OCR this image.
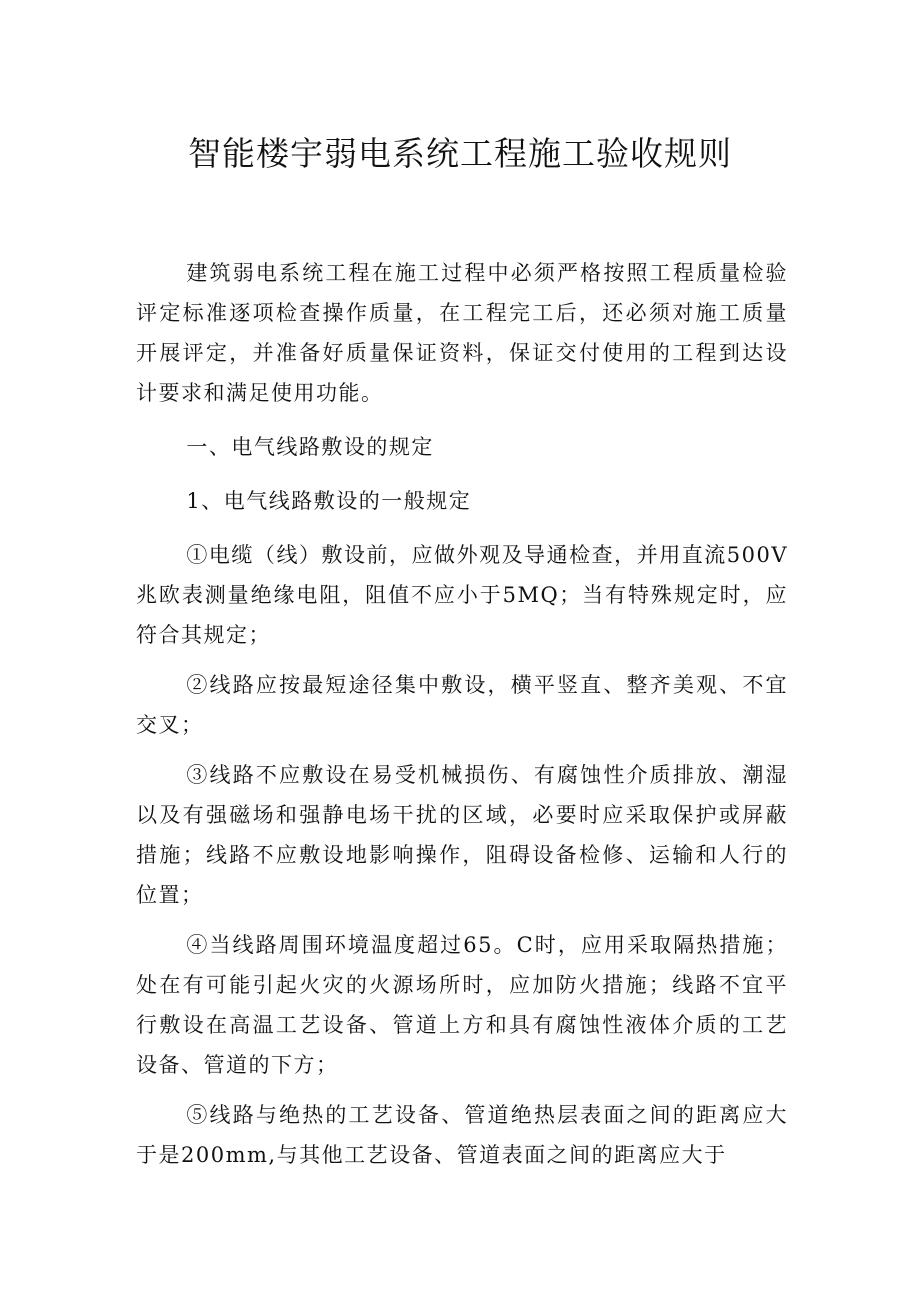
智能楼宇弱电系统工程施工验收规则

建筑弱电系统工程在施工过程中必须严格按照工程质量检验评定标准逐项检查操作质量，在工程完工后，还必须对施工质量开展评定，并准备好质量保证资料，保证交付使用的工程到达设计要求和满足使用功能。

一、电气线路敷设的规定

1、电气线路敷设的一般规定

①电缆（线）敷设前，应做外观及导通检查，并用直流500V兆欧表测量绝缘电阻，阻值不应小于5MQ；当有特殊规定时，应符合其规定；

②线路应按最短途径集中敷设，横平竖直、整齐美观、不宜交叉；

③线路不应敷设在易受机械损伤、有腐蚀性介质排放、潮湿以及有强磁场和强静电场干扰的区域，必要时应采取保护或屏蔽措施；线路不应敷设地影响操作，阻碍设备检修、运输和人行的位置；

④当线路周围环境温度超过65。C时，应用采取隔热措施；处在有可能引起火灾的火源场所时，应加防火措施；线路不宜平行敷设在高温工艺设备、管道上方和具有腐蚀性液体介质的工艺设备、管道的下方；

⑤线路与绝热的工艺设备、管道绝热层表面之间的距离应大于是200mm,与其他工艺设备、管道表面之间的距离应大于
